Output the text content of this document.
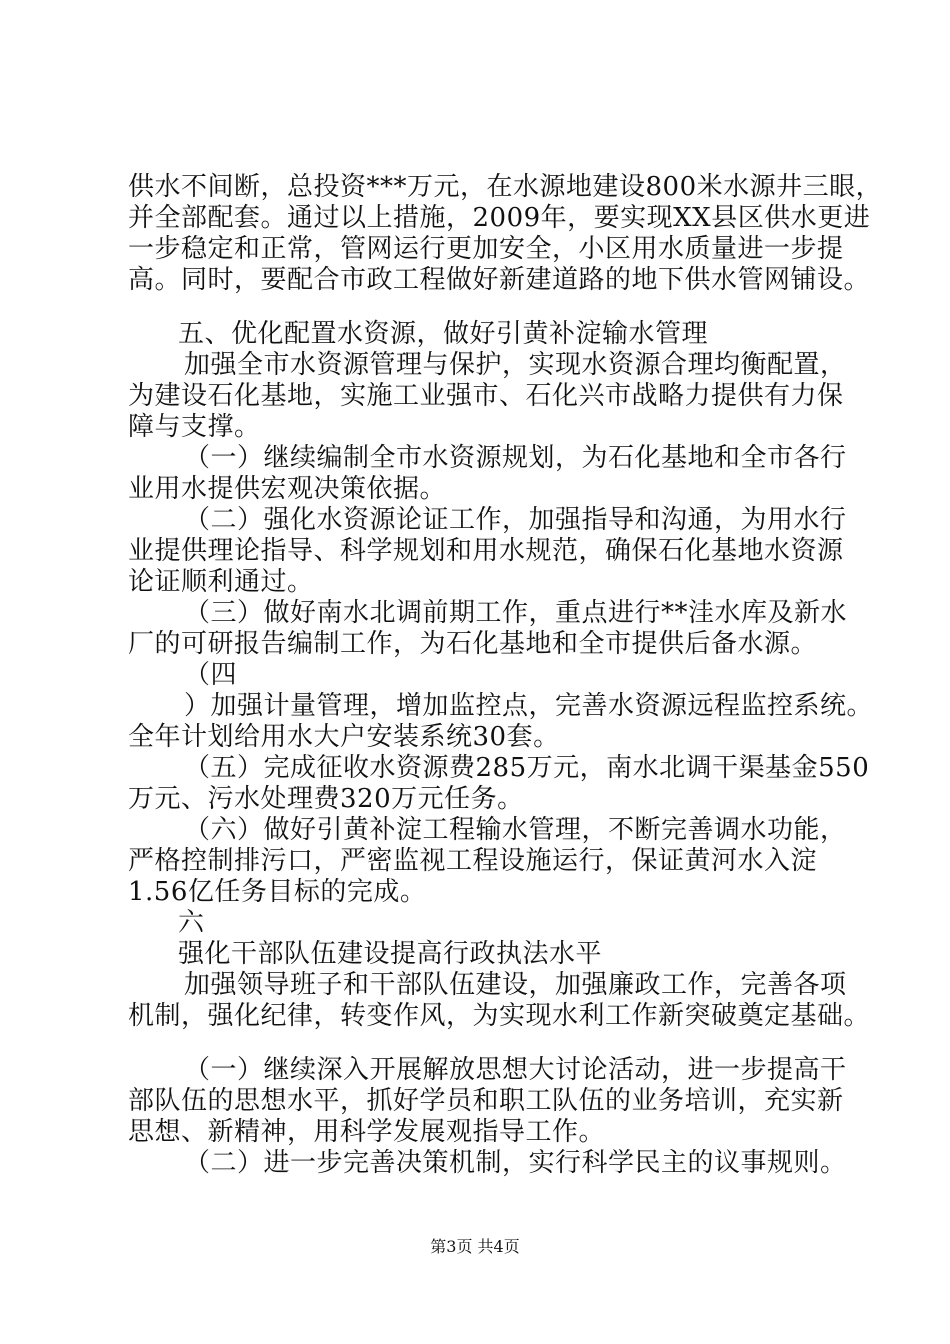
供水不间断，总投资***万元，在水源地建设800米水源井三眼，
并全部配套。通过以上措施，2009年，要实现XX县区供水更进
一步稳定和正常，管网运行更加安全，小区用水质量进一步提
高。同时，要配合市政工程做好新建道路的地下供水管网铺设。
五、优化配置水资源，做好引黄补淀输水管理
加强全市水资源管理与保护，实现水资源合理均衡配置，
为建设石化基地，实施工业强市、石化兴市战略力提供有力保
障与支撑。
（一）继续编制全市水资源规划，为石化基地和全市各行
业用水提供宏观决策依据。
（二）强化水资源论证工作，加强指导和沟通，为用水行
业提供理论指导、科学规划和用水规范，确保石化基地水资源
论证顺利通过。
（三）做好南水北调前期工作，重点进行**洼水库及新水
厂的可研报告编制工作，为石化基地和全市提供后备水源。
（四
）加强计量管理，增加监控点，完善水资源远程监控系统。
全年计划给用水大户安装系统30套。
（五）完成征收水资源费285万元，南水北调干渠基金550
万元、污水处理费320万元任务。
（六）做好引黄补淀工程输水管理，不断完善调水功能，
严格控制排污口，严密监视工程设施运行，保证黄河水入淀
1.56亿任务目标的完成。
六
强化干部队伍建设提高行政执法水平
加强领导班子和干部队伍建设，加强廉政工作，完善各项
机制，强化纪律，转变作风，为实现水利工作新突破奠定基础。
（一）继续深入开展解放思想大讨论活动，进一步提高干
部队伍的思想水平，抓好学员和职工队伍的业务培训，充实新
思想、新精神，用科学发展观指导工作。
（二）进一步完善决策机制，实行科学民主的议事规则。
第3页 共4页
